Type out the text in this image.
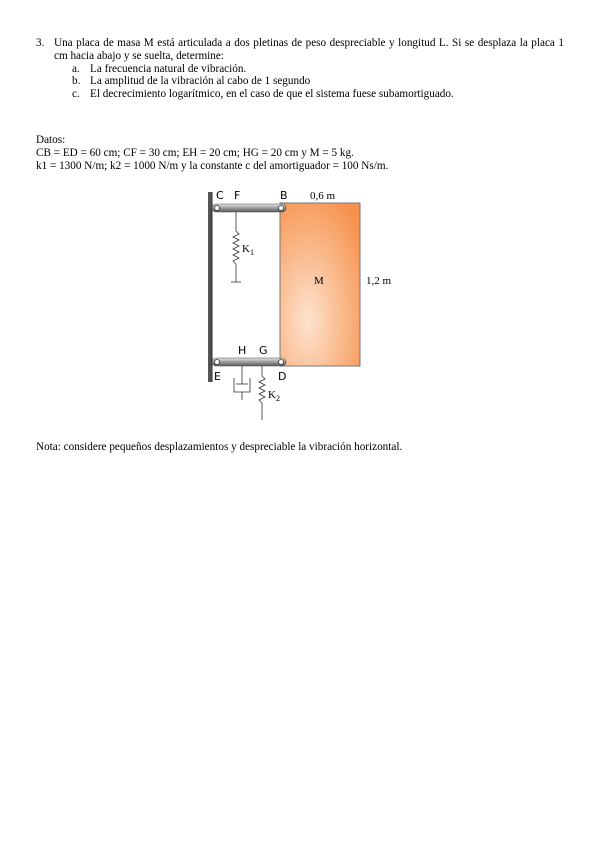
3. Una placa de masa M está articulada a dos pletinas de peso despreciable y longitud L. Si se desplaza la placa 1 cm hacia abajo y se suelta, determine:
a. La frecuencia natural de vibración.
b. La amplitud de la vibración al cabo de 1 segundo
c. El decrecimiento logarítmico, en el caso de que el sistema fuese subamortiguado.
Datos:
CB = ED = 60 cm; CF = 30 cm; EH = 20 cm; HG = 20 cm y M = 5 kg.
k1 = 1300 N/m; k2 = 1000 N/m y la constante c del amortiguador = 100 Ns/m.
C F	B 0,6 m
$K_1$
M	1,2 m
H G
E	D
$K_2$
Nota: considere pequeños desplazamientos y despreciable la vibración horizontal.
